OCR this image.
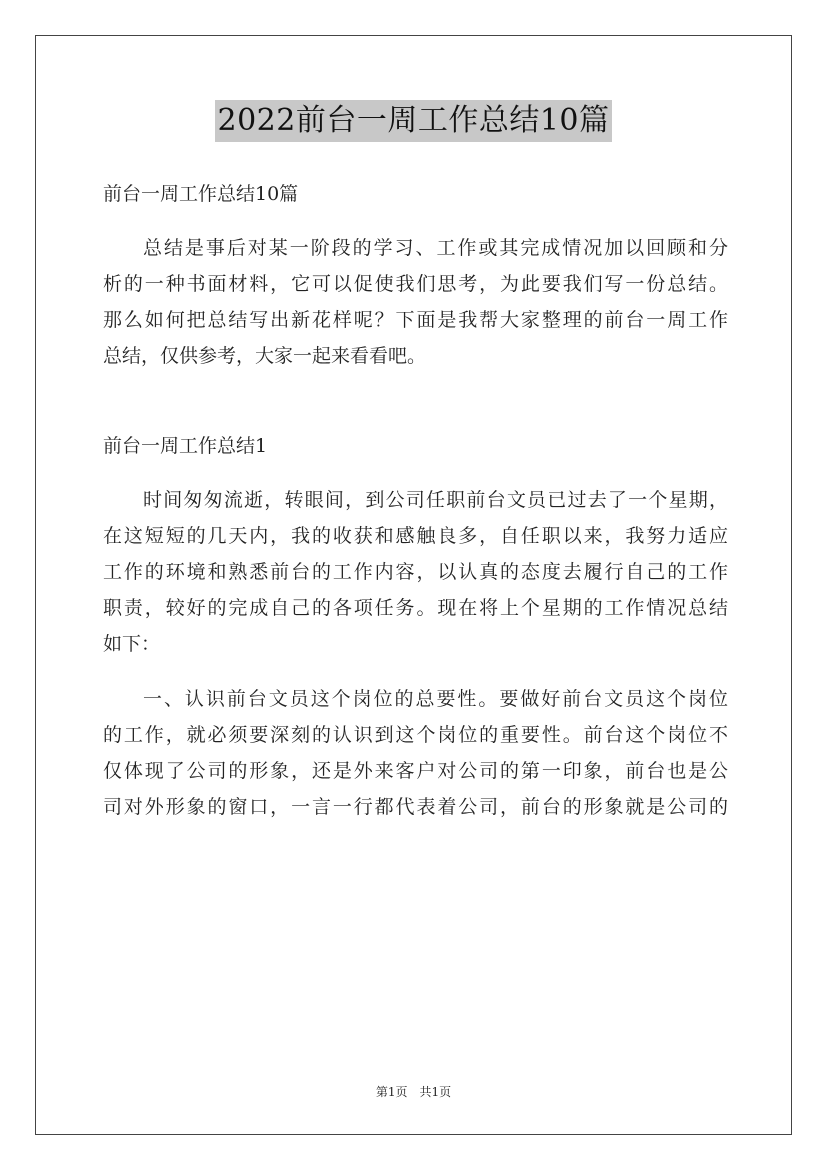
2022前台一周工作总结10篇
前台一周工作总结10篇
总结是事后对某一阶段的学习、工作或其完成情况加以回顾和分
析的一种书面材料，它可以促使我们思考，为此要我们写一份总结。
那么如何把总结写出新花样呢？下面是我帮大家整理的前台一周工作
总结，仅供参考，大家一起来看看吧。
前台一周工作总结1
时间匆匆流逝，转眼间，到公司任职前台文员已过去了一个星期，
在这短短的几天内，我的收获和感触良多，自任职以来，我努力适应
工作的环境和熟悉前台的工作内容，以认真的态度去履行自己的工作
职责，较好的完成自己的各项任务。现在将上个星期的工作情况总结
如下：
一、认识前台文员这个岗位的总要性。要做好前台文员这个岗位
的工作，就必须要深刻的认识到这个岗位的重要性。前台这个岗位不
仅体现了公司的形象，还是外来客户对公司的第一印象，前台也是公
司对外形象的窗口，一言一行都代表着公司，前台的形象就是公司的
第1页　共1页
